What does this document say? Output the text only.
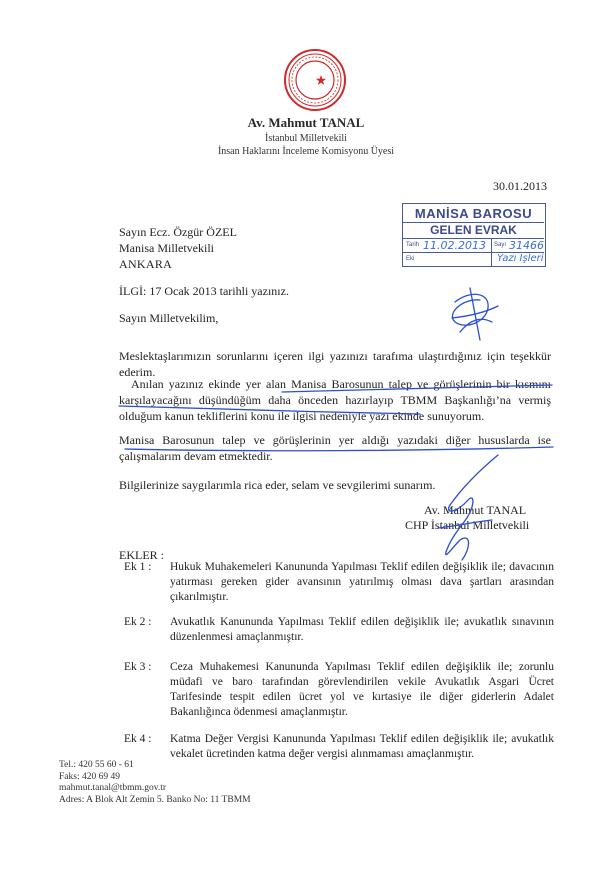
Av. Mahmut TANAL
İstanbul Milletvekili
İnsan Haklarını İnceleme Komisyonu Üyesi
30.01.2013
MANİSA BAROSU
GELEN EVRAK
Tarih 11.02.2013 Sayı 31466
Eki	Yazı İşleri
Sayın Ecz. Özgür ÖZEL
Manisa Milletvekili
ANKARA
İLGİ: 17 Ocak 2013 tarihli yazınız.
Sayın Milletvekilim,
Meslektaşlarımızın sorunlarını içeren ilgi yazınızı tarafıma ulaştırdığınız için teşekkür ederim.
Anılan yazınız ekinde yer alan Manisa Barosunun talep ve görüşlerinin bir kısmını karşılayacağını düşündüğüm daha önceden hazırlayıp TBMM Başkanlığı’na vermiş olduğum kanun tekliflerini konu ile ilgisi nedeniyle yazı ekinde sunuyorum.
Manisa Barosunun talep ve görüşlerinin yer aldığı yazıdaki diğer hususlarda ise çalışmalarım devam etmektedir.
Bilgilerinize saygılarımla rica eder, selam ve sevgilerimi sunarım.
Av. Mahmut TANAL
CHP İstanbul Milletvekili
EKLER :
Ek 1 : Hukuk Muhakemeleri Kanununda Yapılması Teklif edilen değişiklik ile; davacının yatırması gereken gider avansının yatırılmış olması dava şartları arasından çıkarılmıştır.
Ek 2 : Avukatlık Kanununda Yapılması Teklif edilen değişiklik ile; avukatlık sınavının düzenlenmesi amaçlanmıştır.
Ek 3 : Ceza Muhakemesi Kanununda Yapılması Teklif edilen değişiklik ile; zorunlu müdafi ve baro tarafından görevlendirilen vekile Avukatlık Asgari Ücret Tarifesinde tespit edilen ücret yol ve kırtasiye ile diğer giderlerin Adalet Bakanlığınca ödenmesi amaçlanmıştır.
Ek 4 : Katma Değer Vergisi Kanununda Yapılması Teklif edilen değişiklik ile; avukatlık vekalet ücretinden katma değer vergisi alınmaması amaçlanmıştır.
Tel.: 420 55 60 - 61
Faks: 420 69 49
mahmut.tanal@tbmm.gov.tr
Adres: A Blok Alt Zemin 5. Banko No: 11 TBMM
